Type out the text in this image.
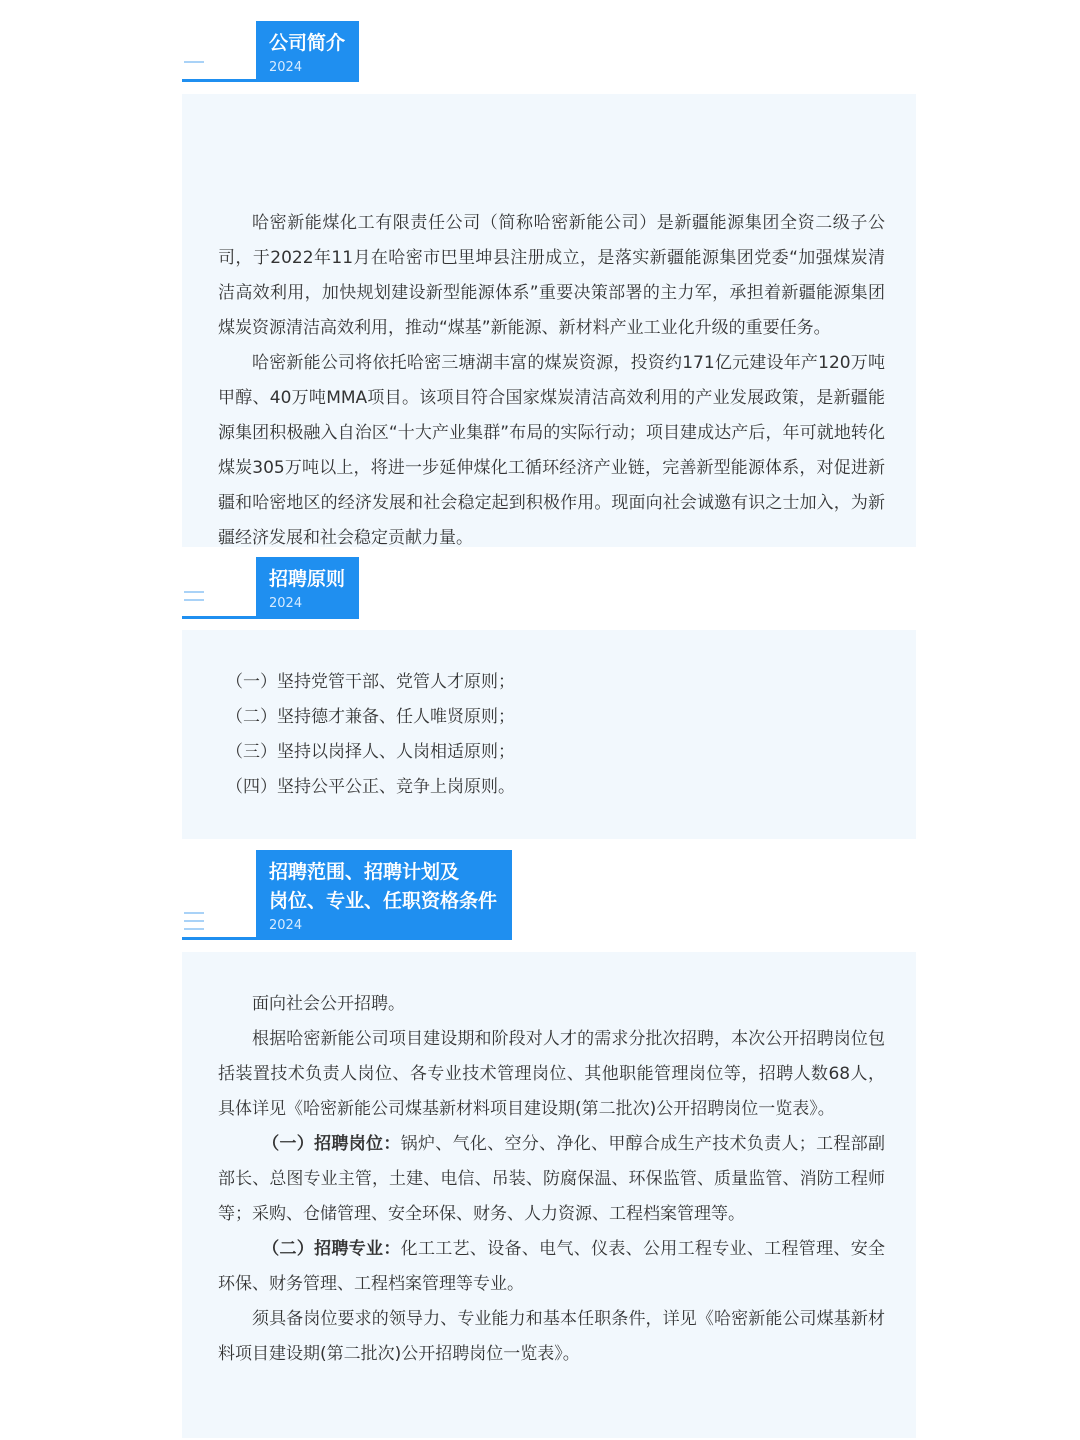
公司简介
2024

哈密新能煤化工有限责任公司（简称哈密新能公司）是新疆能源集团全资二级子公司，于2022年11月在哈密市巴里坤县注册成立，是落实新疆能源集团党委“加强煤炭清洁高效利用，加快规划建设新型能源体系”重要决策部署的主力军，承担着新疆能源集团煤炭资源清洁高效利用，推动“煤基”新能源、新材料产业工业化升级的重要任务。

哈密新能公司将依托哈密三塘湖丰富的煤炭资源，投资约171亿元建设年产120万吨甲醇、40万吨MMA项目。该项目符合国家煤炭清洁高效利用的产业发展政策，是新疆能源集团积极融入自治区“十大产业集群”布局的实际行动；项目建成达产后，年可就地转化煤炭305万吨以上，将进一步延伸煤化工循环经济产业链，完善新型能源体系，对促进新疆和哈密地区的经济发展和社会稳定起到积极作用。现面向社会诚邀有识之士加入，为新疆经济发展和社会稳定贡献力量。

招聘原则
2024

（一）坚持党管干部、党管人才原则；

（二）坚持德才兼备、任人唯贤原则；

（三）坚持以岗择人、人岗相适原则；

（四）坚持公平公正、竞争上岗原则。

招聘范围、招聘计划及
岗位、专业、任职资格条件
2024

面向社会公开招聘。

根据哈密新能公司项目建设期和阶段对人才的需求分批次招聘，本次公开招聘岗位包括装置技术负责人岗位、各专业技术管理岗位、其他职能管理岗位等，招聘人数68人，具体详见《哈密新能公司煤基新材料项目建设期(第二批次)公开招聘岗位一览表》。

（一）招聘岗位：锅炉、气化、空分、净化、甲醇合成生产技术负责人；工程部副部长、总图专业主管，土建、电信、吊装、防腐保温、环保监管、质量监管、消防工程师等；采购、仓储管理、安全环保、财务、人力资源、工程档案管理等。

（二）招聘专业：化工工艺、设备、电气、仪表、公用工程专业、工程管理、安全环保、财务管理、工程档案管理等专业。

须具备岗位要求的领导力、专业能力和基本任职条件，详见《哈密新能公司煤基新材料项目建设期(第二批次)公开招聘岗位一览表》。
